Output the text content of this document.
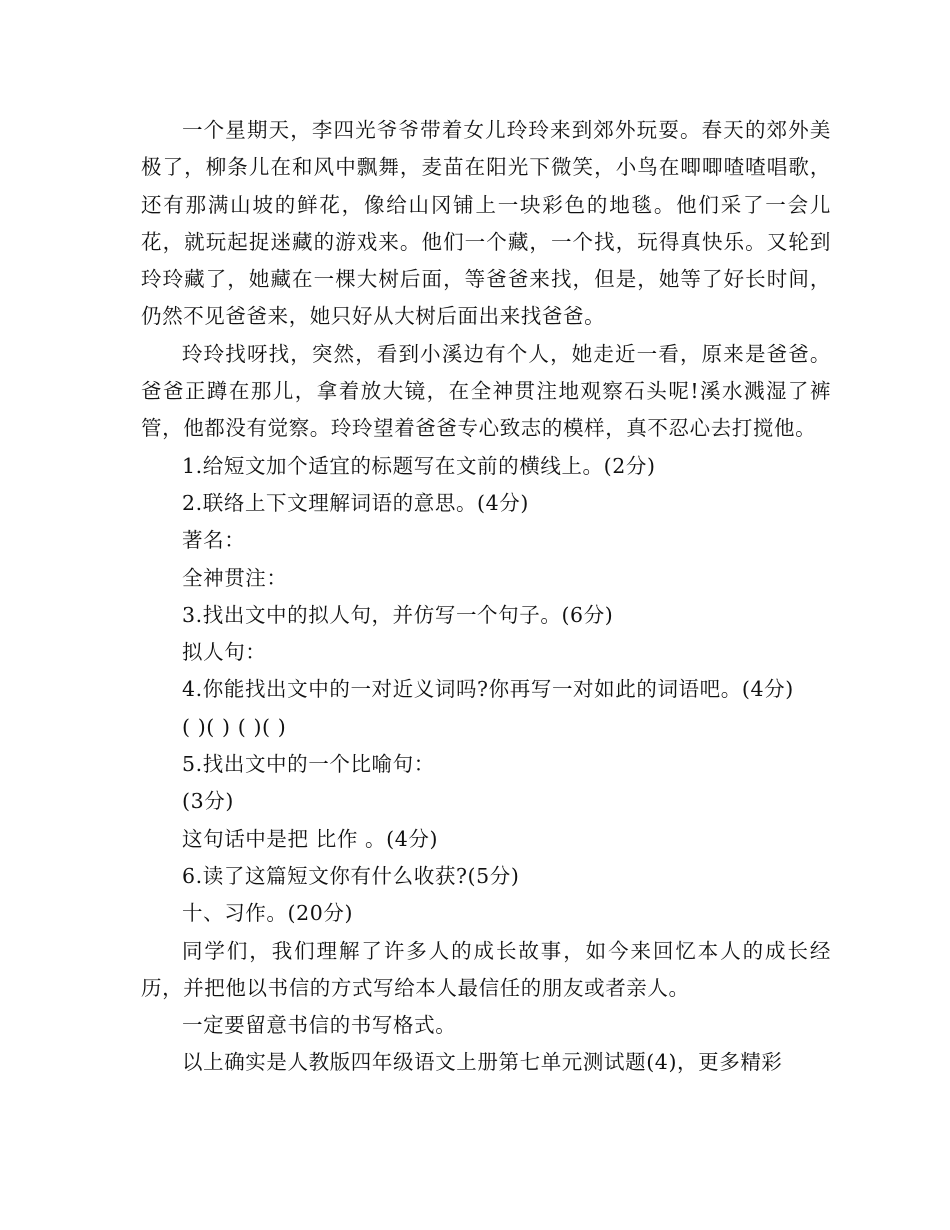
一个星期天，李四光爷爷带着女儿玲玲来到郊外玩耍。春天的郊外美极了，柳条儿在和风中飘舞，麦苗在阳光下微笑，小鸟在唧唧喳喳唱歌，还有那满山坡的鲜花，像给山冈铺上一块彩色的地毯。他们采了一会儿花，就玩起捉迷藏的游戏来。他们一个藏，一个找，玩得真快乐。又轮到玲玲藏了，她藏在一棵大树后面，等爸爸来找，但是，她等了好长时间，仍然不见爸爸来，她只好从大树后面出来找爸爸。

玲玲找呀找，突然，看到小溪边有个人，她走近一看，原来是爸爸。爸爸正蹲在那儿，拿着放大镜，在全神贯注地观察石头呢!溪水溅湿了裤管，他都没有觉察。玲玲望着爸爸专心致志的模样，真不忍心去打搅他。

1.给短文加个适宜的标题写在文前的横线上。(2分)

2.联络上下文理解词语的意思。(4分)

著名：

全神贯注：

3.找出文中的拟人句，并仿写一个句子。(6分)

拟人句：

4.你能找出文中的一对近义词吗?你再写一对如此的词语吧。(4分)

( )( ) ( )( )

5.找出文中的一个比喻句：

(3分)

这句话中是把 比作 。(4分)

6.读了这篇短文你有什么收获?(5分)

十、习作。(20分)

同学们，我们理解了许多人的成长故事，如今来回忆本人的成长经历，并把他以书信的方式写给本人最信任的朋友或者亲人。

一定要留意书信的书写格式。

以上确实是人教版四年级语文上册第七单元测试题(4)，更多精彩
